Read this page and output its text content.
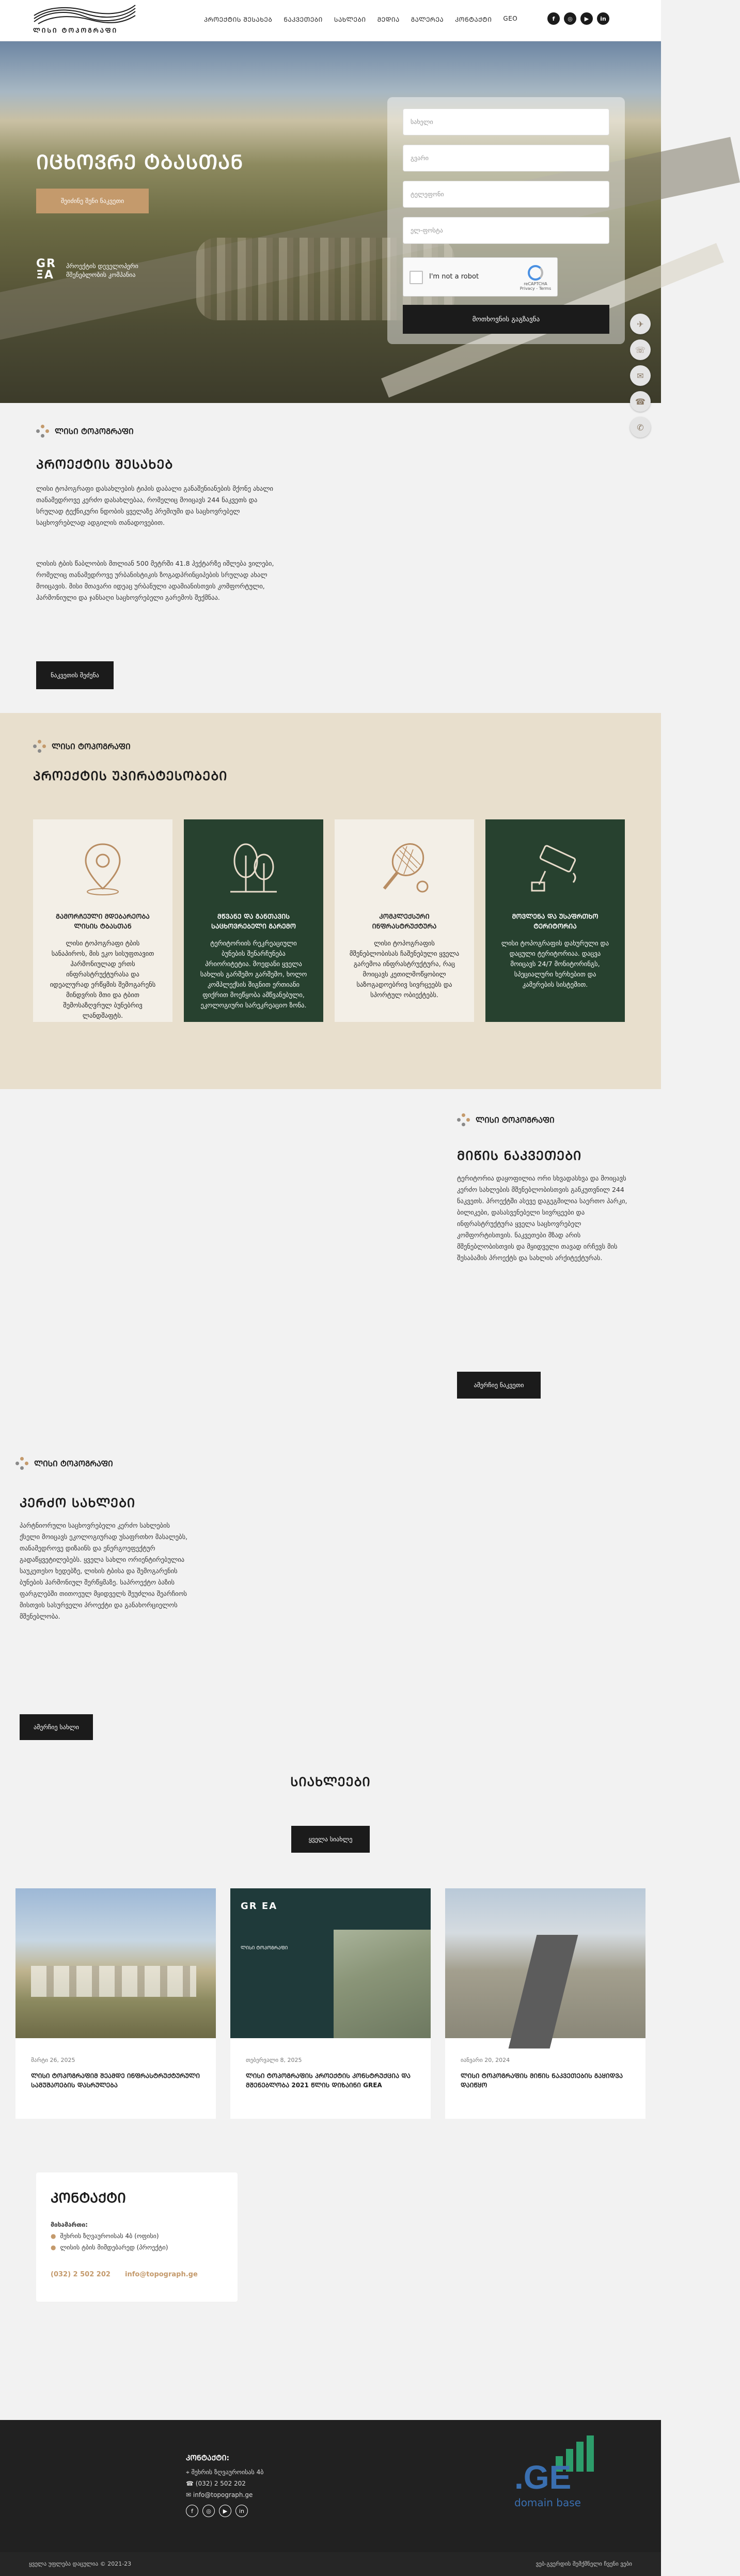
ᲚᲘᲡᲘ ᲢᲝᲞᲝᲒᲠᲐᲤᲘ
ᲞᲠᲝᲔᲥᲢᲘᲡ ᲨᲔᲡᲐᲮᲔᲑ ᲜᲐᲙᲕᲔᲗᲔᲑᲘ ᲡᲐᲮᲚᲔᲑᲘ ᲛᲔᲓᲘᲐ ᲒᲐᲚᲔᲠᲔᲐ ᲙᲝᲜᲢᲐᲥᲢᲘ GEO	f	◎	▶	in
ᲘᲪᲮᲝᲕᲠᲔ ᲢᲑᲐᲡᲗᲐᲜ
შეიძინე შენი ნაკვეთი
GR
ΞA
პროექტის დეველოპერი
მშენებლობის კომპანია
სახელი
გვარი
ტელეფონი
ელ-ფოსტა
I'm not a robot
reCAPTCHA
Privacy - Terms
მოთხოვნის გაგზავნა	✈
☏
✉
☎
✆
ᲚᲘᲡᲘ ᲢᲝᲞᲝᲒᲠᲐᲤᲘ
ᲞᲠᲝᲔᲥᲢᲘᲡ ᲨᲔᲡᲐᲮᲔᲑ
ლისი ტოპოგრაფი დასახლების ტიპის დაბალი განაშენიანების მქონე ახალი თანამედროვე კერძო დასახლებაა, რომელიც მოიცავს 244 ნაკვეთს და სრულად ტექნიკური ნდობის ყველაზე პრემიუმი და საცხოვრებელ საცხოვრებლად ადგილის თანადოვებით.
ლისის ტბის წაბლობის მთლიან 500 მეტრში 41.8 ჰექტარზე იშლება ვილები, რომელიც თანამედროვე ურბანისტიკის ზოგადპრინციპების სრულად ახალ მოიცავის. მისი მთავარი იდეაც ურბანული ადამიანისთვის კომფორტული, ჰარმონიული და ჯანსაღი საცხოვრებელი გარემოს შექმნაა.
ნაკვეთის შეძენა
ᲚᲘᲡᲘ ᲢᲝᲞᲝᲒᲠᲐᲤᲘ
ᲞᲠᲝᲔᲥᲢᲘᲡ ᲣᲞᲘᲠᲐᲢᲔᲡᲝᲑᲔᲑᲘ
ᲒᲐᲛᲝᲠᲩᲔᲣᲚᲘ ᲛᲓᲔᲑᲐᲠᲔᲝᲑᲐ ᲚᲘᲡᲘᲡ ᲢᲑᲐᲡᲗᲐᲜ
ლისი ტოპოგრაფი ტბის სანაპიროს, მის ეკო სისუფთავით ჰარმონიულად ერთს ინფრასტრუქტურასა და იდეალურად ერწყმის შემოგარენს მინდვრის მთი და ტბით შემოსაზღვრულ ბუნებრივ ლანდშაფტს.
ᲛᲬᲕᲐᲜᲔ ᲓᲐ ᲒᲐᲜᲗᲐᲕᲘᲡ ᲡᲐᲪᲮᲝᲕᲠᲔᲑᲔᲚᲘ ᲒᲐᲠᲔᲛᲝ
ტერიტორიის რეკრეაციული ბუნების შენარჩუნება პრიორიტეტია. მოედანი ყველა სახლის გარშემო გარშემო, ხოლო კომპლექსის შიგნით ერთიანი ფიქრით მოეწყობა ამწვანებული, ეკოლოგიური სარეკრეაციო ზონა.
ᲙᲝᲛᲞᲚᲔᲥᲡᲣᲠᲘ ᲘᲜᲤᲠᲐᲡᲢᲠᲣᲥᲢᲣᲠᲐ
ლისი ტოპოგრაფის მშენებლობისას ჩაშენებული ყველა გარემოა ინფრასტრუქტურა, რაც მოიცავს კეთილმოწყობილ საზოგადოებრივ სივრცეებს და სპორტულ ობიექტებს.
ᲛᲝᲕᲚᲔᲜᲐ ᲓᲐ ᲣᲡᲐᲤᲠᲗᲮᲝ ᲢᲔᲠᲘᲢᲝᲠᲘᲐ
ლისი ტოპოგრაფის დახურული და დაცული ტერიტორიაა. დაცვა მოიცავს 24/7 მონიტორინგს, სპეციალური ხერხებით და კამერების სისტემით.
ᲚᲘᲡᲘ ᲢᲝᲞᲝᲒᲠᲐᲤᲘ
ᲛᲘᲬᲘᲡ ᲜᲐᲙᲕᲔᲗᲔᲑᲘ
ტერიტორია დაყოფილია ორი სხვადასხვა და მოიცავს კერძო სახლების მშენებლობისთვის განკუთვნილ 244 ნაკვეთს. პროექტში ასევე დაგეგმილია საერთო პარკი, ბილიკები, დასასვენებელი სივრცეები და ინფრასტრუქტურა ყველა საცხოვრებელ კომფორტისთვის. ნაკვეთები მზად არის მშენებლობისთვის და მყიდველი თავად ირჩევს მის შესაბამის პროექტს და სახლის არქიტექტურას.
ამერჩიე ნაკვეთი
ᲚᲘᲡᲘ ᲢᲝᲞᲝᲒᲠᲐᲤᲘ
ᲙᲔᲠᲫᲝ ᲡᲐᲮᲚᲔᲑᲘ
პარტნიორული საცხოვრებელი კერძო სახლების ქსელი მოიცავს ეკოლოგიურად უსაფრთხო მასალებს, თანამედროვე დიზაინს და ენერგოეფექტურ გადაწყვეტილებებს. ყველა სახლი ორიენტირებულია საუკეთესო ხედებზე, ლისის ტბისა და შემოგარენის ბუნების ჰარმონიულ შერწყმაზე. საპროექტო ბაზის ფარგლებში თითოეულ მყიდველს შეუძლია შეარჩიოს მისთვის სასურველი პროექტი და განახორციელოს მშენებლობა.
ამერჩიე სახლი
ᲡᲘᲐᲮᲚᲔᲔᲑᲘ
ყველა სიახლე
მარტი 26, 2025
ᲚᲘᲡᲘ ᲢᲝᲞᲝᲒᲠᲐᲤᲘᲛ ᲨᲔᲐᲛᲓᲔ ᲘᲜᲤᲠᲐᲡᲢᲠᲣᲥᲢᲣᲠᲣᲚᲘ ᲡᲐᲛᲣᲨᲐᲝᲔᲑᲘᲡ ᲓᲐᲡᲠᲣᲚᲔᲑᲐ
GR EA
ᲚᲘᲡᲘ ᲢᲝᲞᲝᲒᲠᲐᲤᲘ
თებერვალი 8, 2025
ᲚᲘᲡᲘ ᲢᲝᲞᲝᲒᲠᲐᲤᲘᲡ ᲞᲠᲝᲔᲥᲢᲘᲡ ᲙᲝᲜᲡᲢᲠᲣᲥᲪᲘᲐ ᲓᲐ ᲛᲨᲔᲜᲔᲑᲚᲝᲑᲐ 2021 ᲬᲚᲘᲡ ᲓᲘᲖᲐᲘᲜᲘ GREA
იანვარი 20, 2024
ᲚᲘᲡᲘ ᲢᲝᲞᲝᲒᲠᲐᲤᲘᲡ ᲛᲘᲬᲘᲡ ᲜᲐᲙᲕᲔᲗᲔᲑᲘᲡ ᲒᲐᲧᲘᲓᲕᲐ ᲓᲐᲘᲬᲧᲝ
ᲙᲝᲜᲢᲐᲥᲢᲘ
მისამართი:
● შეხრის ზღვაუროისას 4ბ (ოფისი)
● ლისის ტბის მიმდებარედ (პროექტი)
(032) 2 502 202 info@topograph.ge
ᲙᲝᲜᲢᲐᲥᲢᲘ:
⌖ შეხრის ზღვაუროისას 4ბ
☎ (032) 2 502 202
✉ info@topograph.ge
f	◎	▶	in
.GE
domain base
ყველა უფლება დაცულია © 2021-23	ვებ-გვერდის შემქმნელი ჩვენი ვები
